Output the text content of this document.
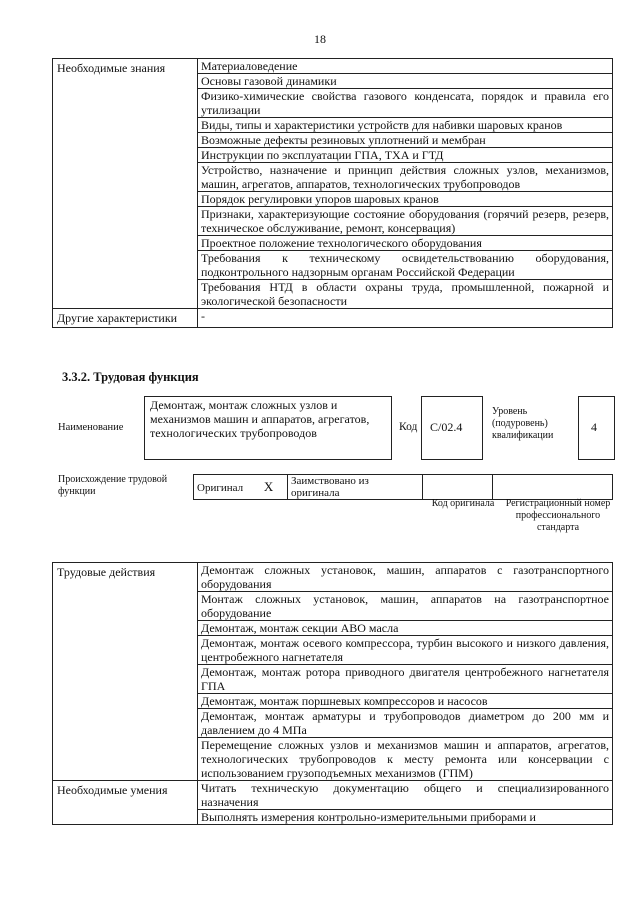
18
Необходимые знания	Материаловедение
	Основы газовой динамики
	Физико-химические свойства газового конденсата, порядок и правила его утилизации
	Виды, типы и характеристики устройств для набивки шаровых кранов
	Возможные дефекты резиновых уплотнений и мембран
	Инструкции по эксплуатации ГПА, ТХА и ГТД
	Устройство, назначение и принцип действия сложных узлов, механизмов, машин, агрегатов, аппаратов, технологических трубопроводов
	Порядок регулировки упоров шаровых кранов
	Признаки, характеризующие состояние оборудования (горячий резерв, резерв, техническое обслуживание, ремонт, консервация)
	Проектное положение технологического оборудования
	Требования к техническому освидетельствованию оборудования, подконтрольного надзорным органам Российской Федерации
	Требования НТД в области охраны труда, промышленной, пожарной и экологической безопасности
Другие характеристики	-
3.3.2. Трудовая функция
Наименование
Демонтаж, монтаж сложных узлов и механизмов машин и аппаратов, агрегатов, технологических трубопроводов	Код С/02.4
Уровень (подуровень) квалификации
4
Происхождение трудовой функции	Оригинал X	Заимствовано из оригинала		
Код оригинала	Регистрационный номер профессионального стандарта
Трудовые действия	Демонтаж сложных установок, машин, аппаратов с газотранспортного оборудования
	Монтаж сложных установок, машин, аппаратов на газотранспортное оборудование
	Демонтаж, монтаж секции АВО масла
	Демонтаж, монтаж осевого компрессора, турбин высокого и низкого давления, центробежного нагнетателя
	Демонтаж, монтаж ротора приводного двигателя центробежного нагнетателя ГПА
	Демонтаж, монтаж поршневых компрессоров и насосов
	Демонтаж, монтаж арматуры и трубопроводов диаметром до 200 мм и давлением до 4 МПа
	Перемещение сложных узлов и механизмов машин и аппаратов, агрегатов, технологических трубопроводов к месту ремонта или консервации с использованием грузоподъемных механизмов (ГПМ)
Необходимые умения	Читать техническую документацию общего и специализированного назначения
	Выполнять измерения контрольно-измерительными приборами и
